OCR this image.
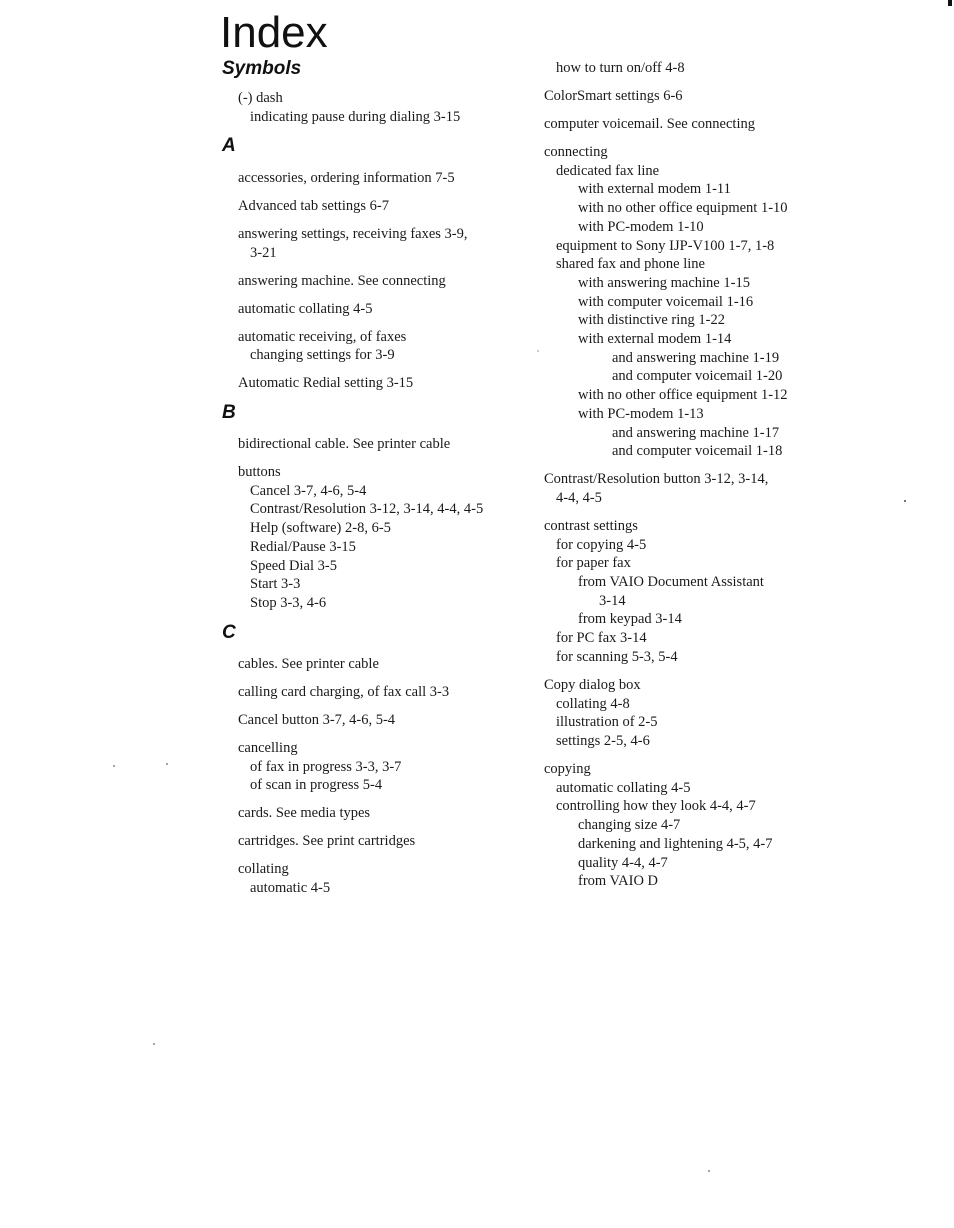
Index
Symbols
(-) dash
indicating pause during dialing 3-15
A
accessories, ordering information 7-5
Advanced tab settings 6-7
answering settings, receiving faxes 3-9,
3-21
answering machine. See connecting
automatic collating 4-5
automatic receiving, of faxes
changing settings for 3-9
Automatic Redial setting 3-15
B
bidirectional cable. See printer cable
buttons
Cancel 3-7, 4-6, 5-4
Contrast/Resolution 3-12, 3-14, 4-4, 4-5
Help (software) 2-8, 6-5
Redial/Pause 3-15
Speed Dial 3-5
Start 3-3
Stop 3-3, 4-6
C
cables. See printer cable
calling card charging, of fax call 3-3
Cancel button 3-7, 4-6, 5-4
cancelling
of fax in progress 3-3, 3-7
of scan in progress 5-4
cards. See media types
cartridges. See print cartridges
collating
automatic 4-5
how to turn on/off 4-8
ColorSmart settings 6-6
computer voicemail. See connecting
connecting
dedicated fax line
with external modem 1-11
with no other office equipment 1-10
with PC-modem 1-10
equipment to Sony IJP-V100 1-7, 1-8
shared fax and phone line
with answering machine 1-15
with computer voicemail 1-16
with distinctive ring 1-22
with external modem 1-14
and answering machine 1-19
and computer voicemail 1-20
with no other office equipment 1-12
with PC-modem 1-13
and answering machine 1-17
and computer voicemail 1-18
Contrast/Resolution button 3-12, 3-14,
4-4, 4-5
contrast settings
for copying 4-5
for paper fax
from VAIO Document Assistant
3-14
from keypad 3-14
for PC fax 3-14
for scanning 5-3, 5-4
Copy dialog box
collating 4-8
illustration of 2-5
settings 2-5, 4-6
copying
automatic collating 4-5
controlling how they look 4-4, 4-7
changing size 4-7
darkening and lightening 4-5, 4-7
quality 4-4, 4-7
from VAIO D
